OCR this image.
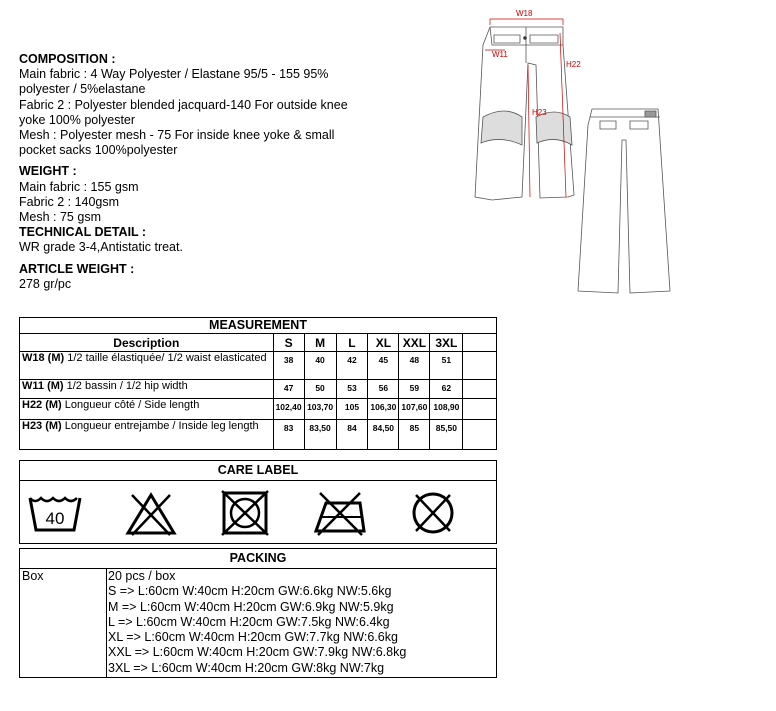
COMPOSITION :

Main fabric : 4 Way Polyester / Elastane 95/5 - 155 95%

polyester / 5%elastane

Fabric 2 : Polyester blended jacquard-140 For outside knee

yoke 100% polyester

Mesh : Polyester mesh - 75 For inside knee yoke & small

pocket sacks 100%polyester

WEIGHT :

Main fabric : 155 gsm

Fabric 2 : 140gsm

Mesh : 75 gsm

TECHNICAL DETAIL :

WR grade 3-4,Antistatic treat.

ARTICLE WEIGHT :

278 gr/pc

W18
W11
H22
H23
MEASUREMENT							
Description	S	M	L	XL	XXL	3XL	
W18 (M) 1/2 taille élastiquée/ 1/2 waist elasticated	38	40	42	45	48	51	
W11 (M) 1/2 bassin / 1/2 hip width	47	50	53	56	59	62	
H22 (M) Longueur côté / Side length	102,40	103,70	105	106,30	107,60	108,90	
H23 (M) Longueur entrejambe / Inside leg length	83	83,50	84	84,50	85	85,50	
CARE LABEL
40
PACKING
Box	20 pcs / box
S => L:60cm W:40cm H:20cm GW:6.6kg NW:5.6kg
M => L:60cm W:40cm H:20cm GW:6.9kg NW:5.9kg
L => L:60cm W:40cm H:20cm GW:7.5kg NW:6.4kg
XL => L:60cm W:40cm H:20cm GW:7.7kg NW:6.6kg
XXL => L:60cm W:40cm H:20cm GW:7.9kg NW:6.8kg
3XL => L:60cm W:40cm H:20cm GW:8kg NW:7kg
